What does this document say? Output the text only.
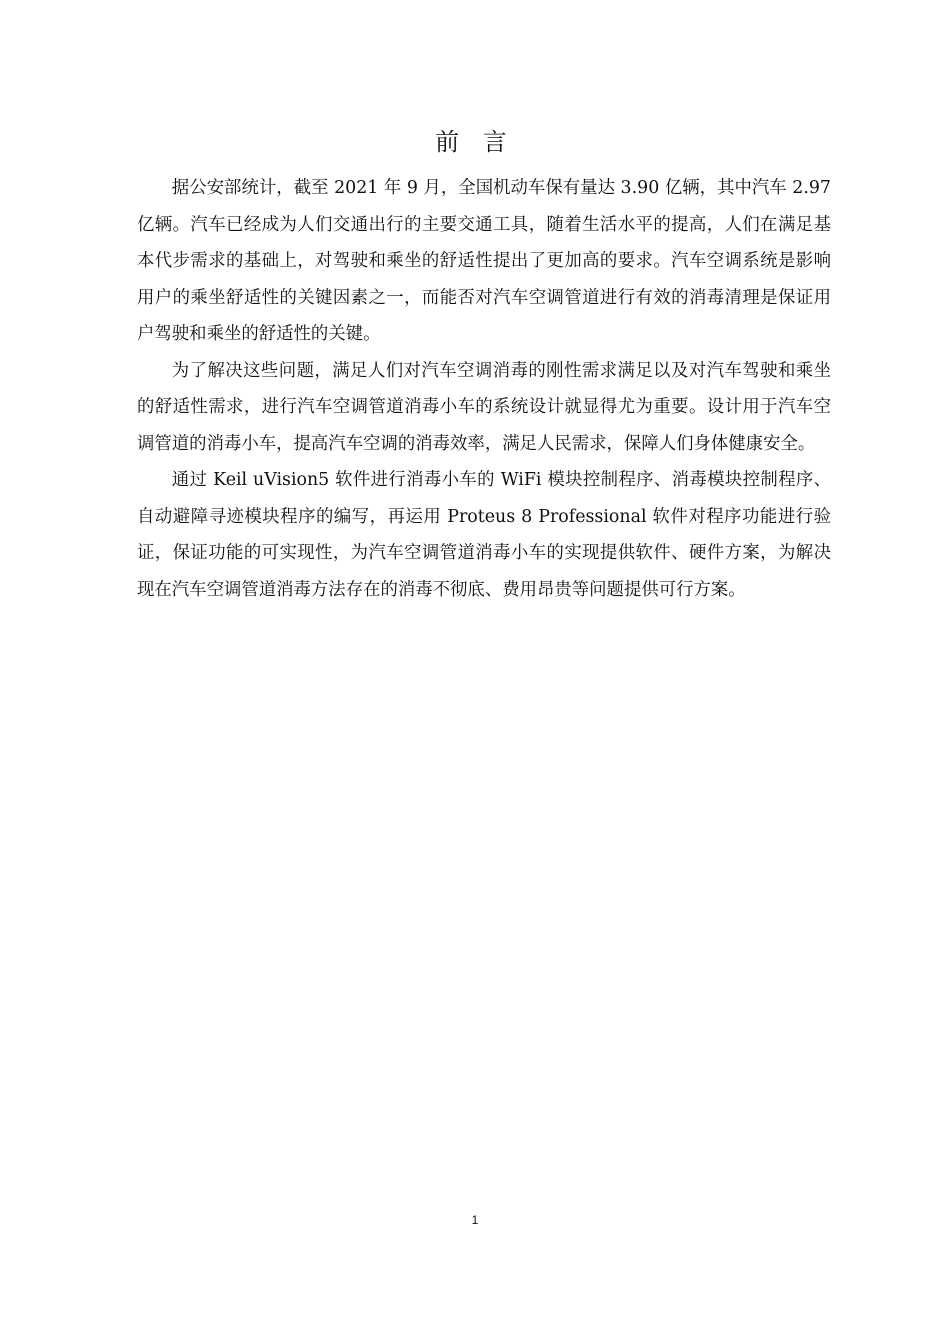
前 言

据公安部统计，截至 2021 年 9 月，全国机动车保有量达 3.90 亿辆，其中汽车 2.97 亿辆。汽车已经成为人们交通出行的主要交通工具，随着生活水平的提高，人们在满足基本代步需求的基础上，对驾驶和乘坐的舒适性提出了更加高的要求。汽车空调系统是影响用户的乘坐舒适性的关键因素之一，而能否对汽车空调管道进行有效的消毒清理是保证用户驾驶和乘坐的舒适性的关键。

为了解决这些问题，满足人们对汽车空调消毒的刚性需求满足以及对汽车驾驶和乘坐的舒适性需求，进行汽车空调管道消毒小车的系统设计就显得尤为重要。设计用于汽车空调管道的消毒小车，提高汽车空调的消毒效率，满足人民需求，保障人们身体健康安全。

通过 Keil uVision5 软件进行消毒小车的 WiFi 模块控制程序、消毒模块控制程序、自动避障寻迹模块程序的编写，再运用 Proteus 8 Professional 软件对程序功能进行验证，保证功能的可实现性，为汽车空调管道消毒小车的实现提供软件、硬件方案，为解决现在汽车空调管道消毒方法存在的消毒不彻底、费用昂贵等问题提供可行方案。

1
